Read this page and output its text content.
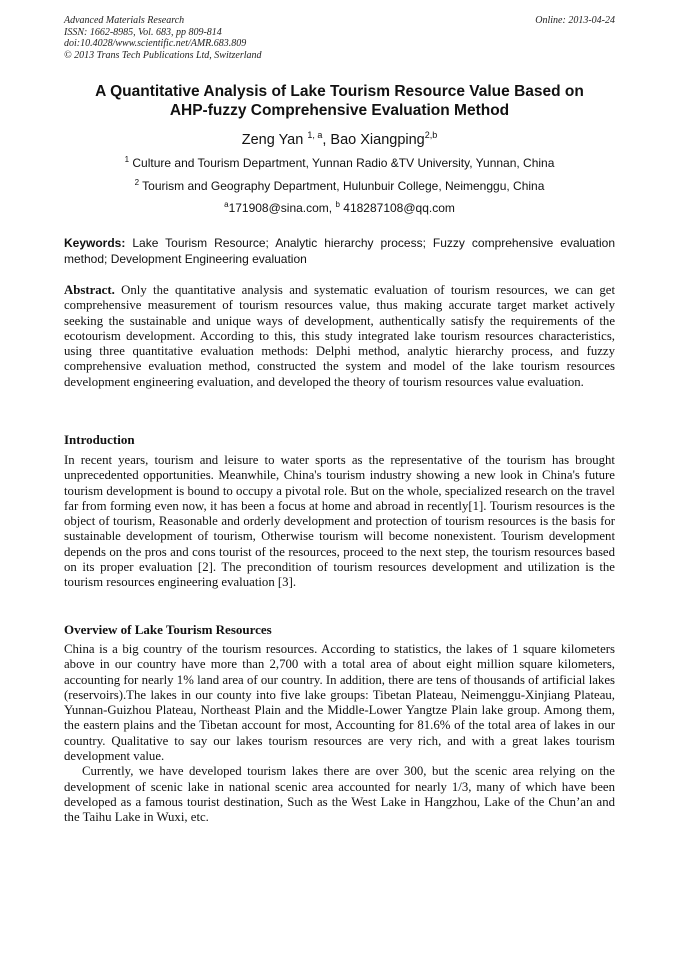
Advanced Materials Research
ISSN: 1662-8985, Vol. 683, pp 809-814
doi:10.4028/www.scientific.net/AMR.683.809
© 2013 Trans Tech Publications Ltd, Switzerland
Online: 2013-04-24
A Quantitative Analysis of Lake Tourism Resource Value Based on
AHP-fuzzy Comprehensive Evaluation Method
Zeng Yan $^{1, a}$, Bao Xiangping$^{2,b}$
$^1$ Culture and Tourism Department, Yunnan Radio &TV University, Yunnan, China
$^2$ Tourism and Geography Department, Hulunbuir College, Neimenggu, China
$^a$171908@sina.com, $^b$ 418287108@qq.com
Keywords: Lake Tourism Resource; Analytic hierarchy process; Fuzzy comprehensive evaluation method; Development Engineering evaluation
Abstract. Only the quantitative analysis and systematic evaluation of tourism resources, we can get comprehensive measurement of tourism resources value, thus making accurate target market actively seeking the sustainable and unique ways of development, authentically satisfy the requirements of the ecotourism development. According to this, this study integrated lake tourism resources characteristics, using three quantitative evaluation methods: Delphi method, analytic hierarchy process, and fuzzy comprehensive evaluation method, constructed the system and model of the lake tourism resources development engineering evaluation, and developed the theory of tourism resources value evaluation.
Introduction

In recent years, tourism and leisure to water sports as the representative of the tourism has brought unprecedented opportunities. Meanwhile, China's tourism industry showing a new look in China's future tourism development is bound to occupy a pivotal role. But on the whole, specialized research on the travel far from forming even now, it has been a focus at home and abroad in recently[1]. Tourism resources is the object of tourism, Reasonable and orderly development and protection of tourism resources is the basis for sustainable development of tourism, Otherwise tourism will become nonexistent. Tourism development depends on the pros and cons tourist of the resources, proceed to the next step, the tourism resources based on its proper evaluation [2]. The precondition of tourism resources development and utilization is the tourism resources engineering evaluation [3].

Overview of Lake Tourism Resources

China is a big country of the tourism resources. According to statistics, the lakes of 1 square kilometers above in our country have more than 2,700 with a total area of about eight million square kilometers, accounting for nearly 1% land area of our country. In addition, there are tens of thousands of artificial lakes (reservoirs).The lakes in our county into five lake groups: Tibetan Plateau, Neimenggu-Xinjiang Plateau, Yunnan-Guizhou Plateau, Northeast Plain and the Middle-Lower Yangtze Plain lake group. Among them, the eastern plains and the Tibetan account for most, Accounting for 81.6% of the total area of lakes in our country. Qualitative to say our lakes tourism resources are very rich, and with a great lakes tourism development value.

Currently, we have developed tourism lakes there are over 300, but the scenic area relying on the development of scenic lake in national scenic area accounted for nearly 1/3, many of which have been developed as a famous tourist destination, Such as the West Lake in Hangzhou, Lake of the Chun’an and the Taihu Lake in Wuxi, etc.
